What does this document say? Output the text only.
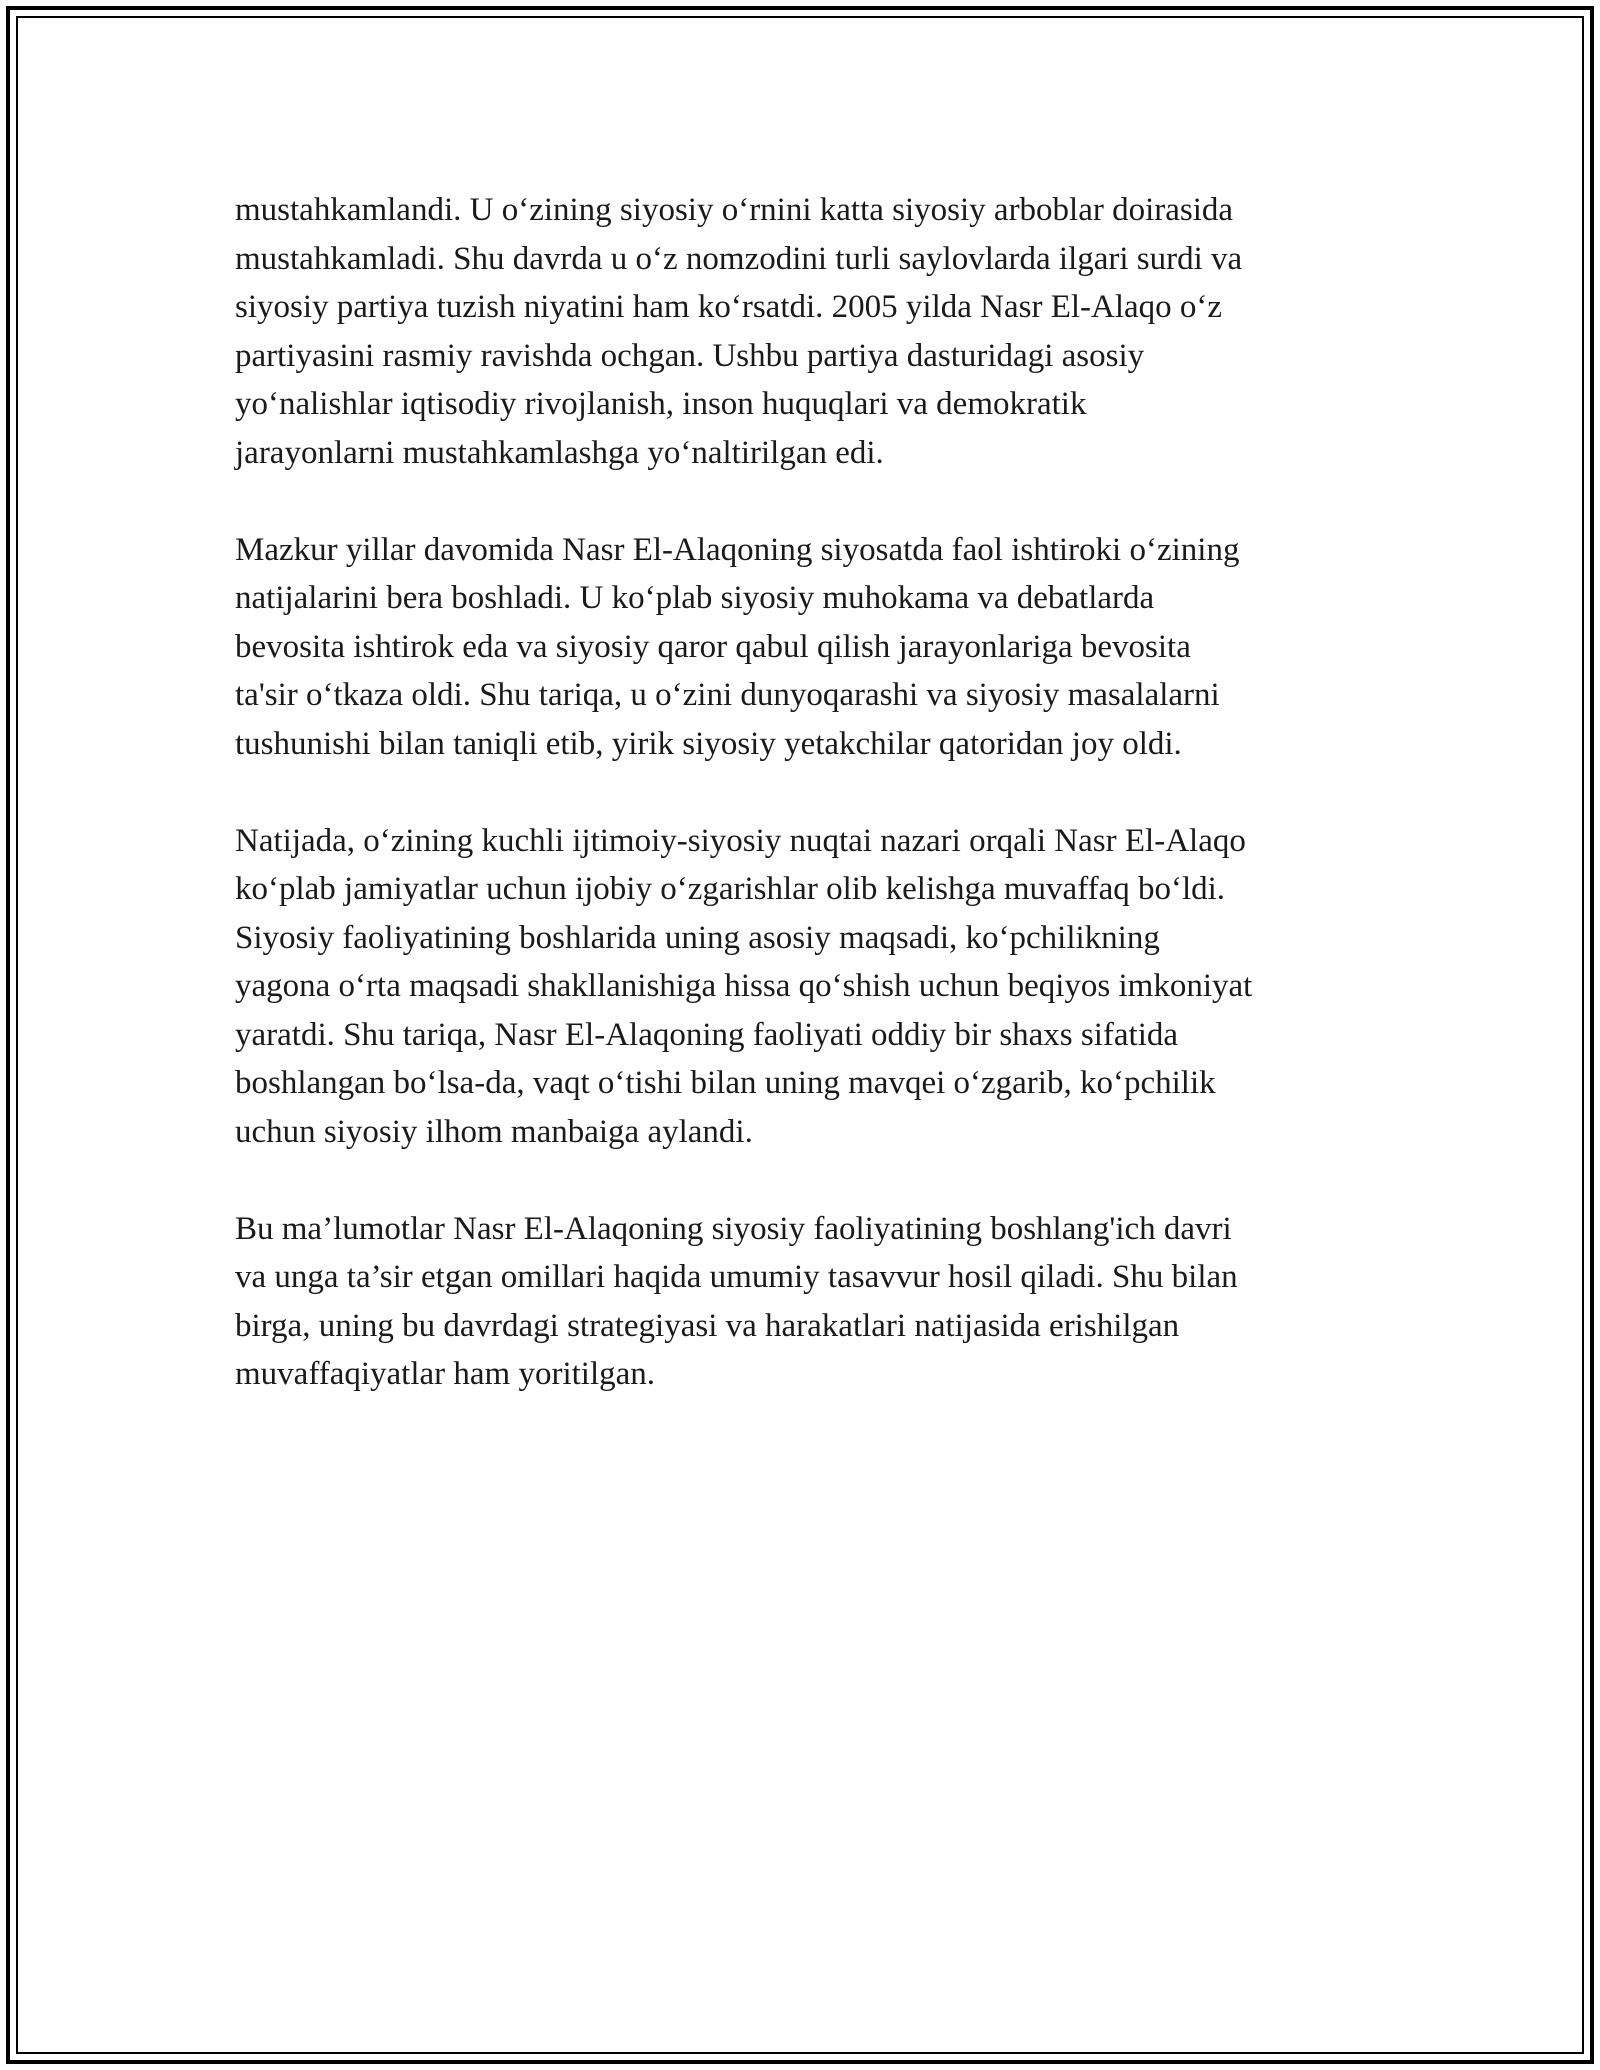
mustahkamlandi. U o‘zining siyosiy o‘rnini katta siyosiy arboblar doirasida
mustahkamladi. Shu davrda u o‘z nomzodini turli saylovlarda ilgari surdi va
siyosiy partiya tuzish niyatini ham ko‘rsatdi. 2005 yilda Nasr El-Alaqo o‘z
partiyasini rasmiy ravishda ochgan. Ushbu partiya dasturidagi asosiy
yo‘nalishlar iqtisodiy rivojlanish, inson huquqlari va demokratik
jarayonlarni mustahkamlashga yo‘naltirilgan edi.

Mazkur yillar davomida Nasr El-Alaqoning siyosatda faol ishtiroki o‘zining
natijalarini bera boshladi. U ko‘plab siyosiy muhokama va debatlarda
bevosita ishtirok eda va siyosiy qaror qabul qilish jarayonlariga bevosita
ta'sir o‘tkaza oldi. Shu tariqa, u o‘zini dunyoqarashi va siyosiy masalalarni
tushunishi bilan taniqli etib, yirik siyosiy yetakchilar qatoridan joy oldi.

Natijada, o‘zining kuchli ijtimoiy-siyosiy nuqtai nazari orqali Nasr El-Alaqo
ko‘plab jamiyatlar uchun ijobiy o‘zgarishlar olib kelishga muvaffaq bo‘ldi.
Siyosiy faoliyatining boshlarida uning asosiy maqsadi, ko‘pchilikning
yagona o‘rta maqsadi shakllanishiga hissa qo‘shish uchun beqiyos imkoniyat
yaratdi. Shu tariqa, Nasr El-Alaqoning faoliyati oddiy bir shaxs sifatida
boshlangan bo‘lsa-da, vaqt o‘tishi bilan uning mavqei o‘zgarib, ko‘pchilik
uchun siyosiy ilhom manbaiga aylandi.

Bu ma’lumotlar Nasr El-Alaqoning siyosiy faoliyatining boshlang'ich davri
va unga ta’sir etgan omillari haqida umumiy tasavvur hosil qiladi. Shu bilan
birga, uning bu davrdagi strategiyasi va harakatlari natijasida erishilgan
muvaffaqiyatlar ham yoritilgan.
